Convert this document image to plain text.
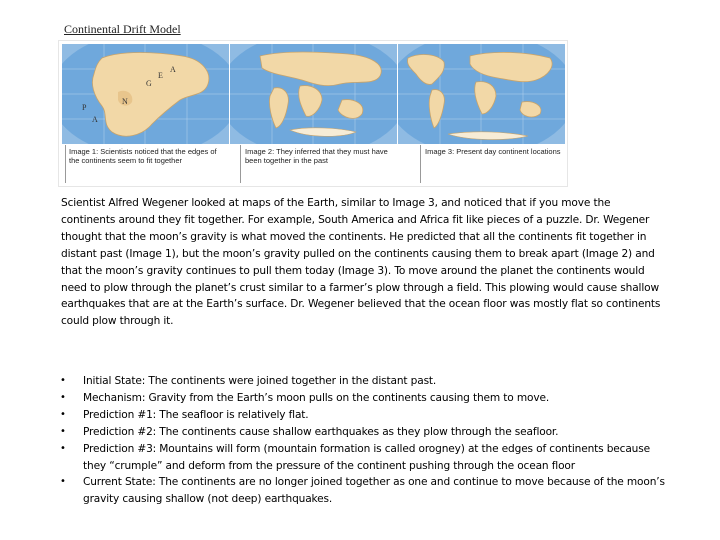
Continental Drift Model
P
A
N
G
E
A
Image 1: Scientists noticed that the edges of the continents seem to fit together
Image 2: They inferred that they must have been together in the past
Image 3: Present day continent locations

Scientist Alfred Wegener looked at maps of the Earth, similar to Image 3, and noticed that if you move the continents around they fit together. For example, South America and Africa fit like pieces of a puzzle. Dr. Wegener thought that the moon’s gravity is what moved the continents. He predicted that all the continents fit together in distant past (Image 1), but the moon’s gravity pulled on the continents causing them to break apart (Image 2) and that the moon’s gravity continues to pull them today (Image 3). To move around the planet the continents would need to plow through the planet’s crust similar to a farmer’s plow through a field. This plowing would cause shallow earthquakes that are at the Earth’s surface. Dr. Wegener believed that the ocean floor was mostly flat so continents could plow through it.

• Initial State: The continents were joined together in the distant past.
• Mechanism: Gravity from the Earth’s moon pulls on the continents causing them to move.
• Prediction #1: The seafloor is relatively flat.
• Prediction #2: The continents cause shallow earthquakes as they plow through the seafloor.
• Prediction #3: Mountains will form (mountain formation is called orogney) at the edges of continents because they “crumple” and deform from the pressure of the continent pushing through the ocean floor
• Current State: The continents are no longer joined together as one and continue to move because of the moon’s gravity causing shallow (not deep) earthquakes.
